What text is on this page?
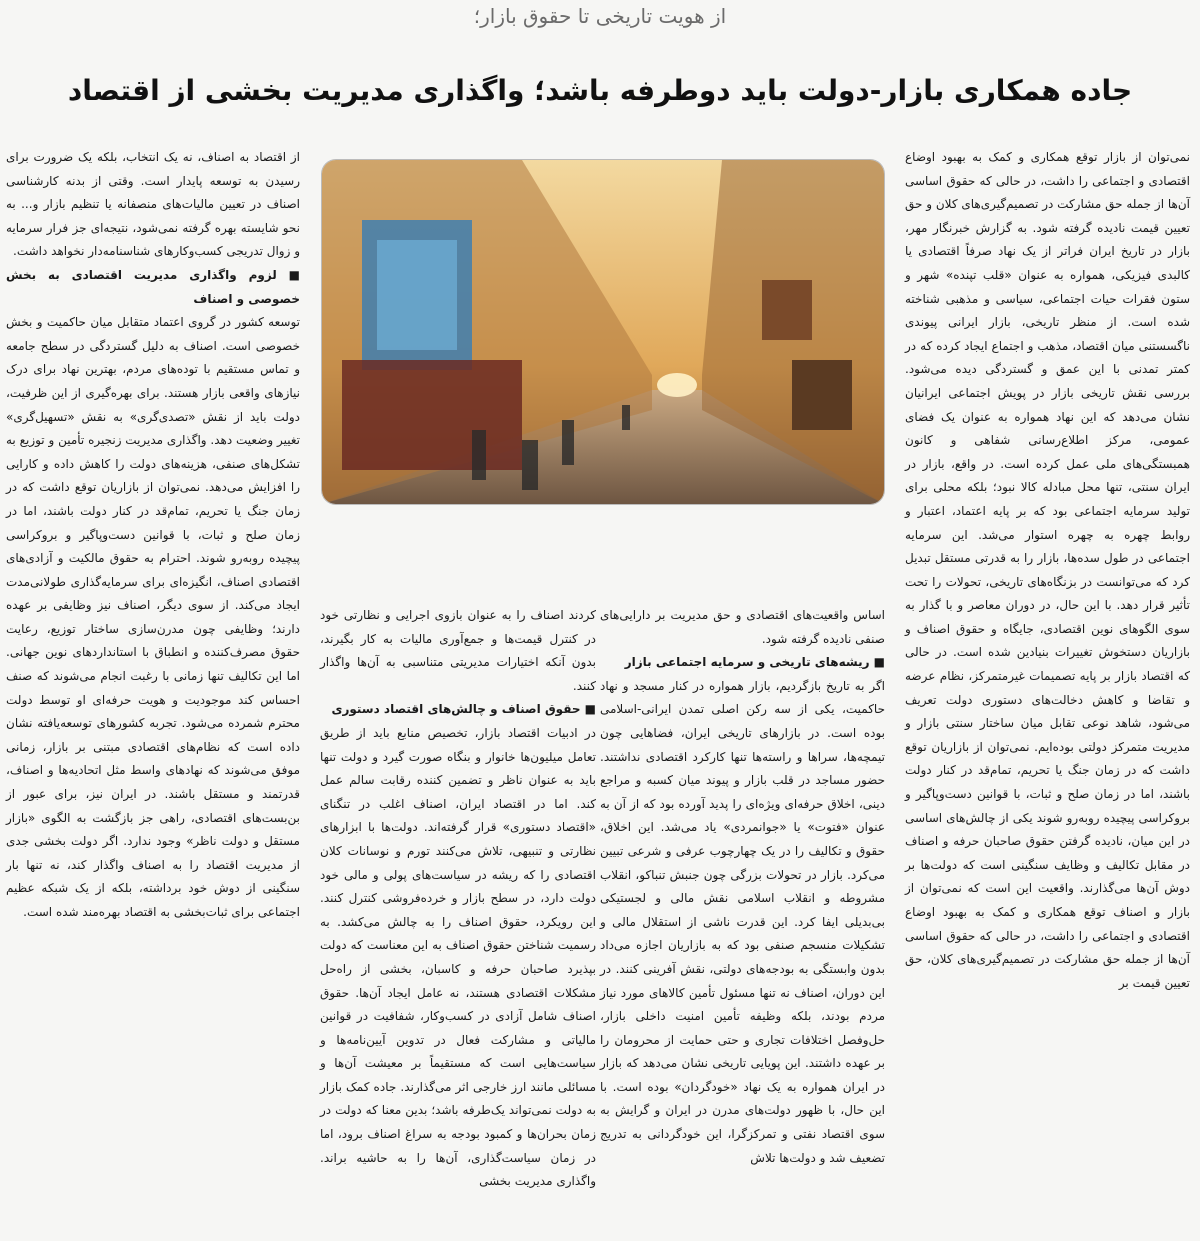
از هویت تاریخی تا حقوق بازار؛
جاده همکاری بازار-دولت باید دوطرفه باشد؛ واگذاری مدیریت بخشی از اقتصاد

نمی‌توان از بازار توقع همکاری و کمک به بهبود اوضاع اقتصادی و اجتماعی را داشت، در حالی که حقوق اساسی آن‌ها از جمله حق مشارکت در تصمیم‌گیری‌های کلان و حق تعیین قیمت نادیده گرفته شود. به گزارش خبرنگار مهر، بازار در تاریخ ایران فراتر از یک نهاد صرفاً اقتصادی یا کالبدی فیزیکی، همواره به عنوان «قلب تپنده» شهر و ستون فقرات حیات اجتماعی، سیاسی و مذهبی شناخته شده است. از منظر تاریخی، بازار ایرانی پیوندی ناگسستنی میان اقتصاد، مذهب و اجتماع ایجاد کرده که در کمتر تمدنی با این عمق و گستردگی دیده می‌شود. بررسی نقش تاریخی بازار در پویش اجتماعی ایرانیان نشان می‌دهد که این نهاد همواره به عنوان یک فضای عمومی، مرکز اطلاع‌رسانی شفاهی و کانون همبستگی‌های ملی عمل کرده است. در واقع، بازار در ایران سنتی، تنها محل مبادله کالا نبود؛ بلکه محلی برای تولید سرمایه اجتماعی بود که بر پایه اعتماد، اعتبار و روابط چهره به چهره استوار می‌شد. این سرمایه اجتماعی در طول سده‌ها، بازار را به قدرتی مستقل تبدیل کرد که می‌توانست در بزنگاه‌های تاریخی، تحولات را تحت تأثیر قرار دهد. با این حال، در دوران معاصر و با گذار به سوی الگوهای نوین اقتصادی، جایگاه و حقوق اصناف و بازاریان دستخوش تغییرات بنیادین شده است. در حالی که اقتصاد بازار بر پایه تصمیمات غیرمتمرکز، نظام عرضه و تقاضا و کاهش دخالت‌های دستوری دولت تعریف می‌شود، شاهد نوعی تقابل میان ساختار سنتی بازار و مدیریت متمرکز دولتی بوده‌ایم. نمی‌توان از بازاریان توقع داشت که در زمان جنگ یا تحریم، تمام‌قد در کنار دولت باشند، اما در زمان صلح و ثبات، با قوانین دست‌وپاگیر و بروکراسی پیچیده روبه‌رو شوند یکی از چالش‌های اساسی در این میان، نادیده گرفتن حقوق صاحبان حرفه و اصناف در مقابل تکالیف و وظایف سنگینی است که دولت‌ها بر دوش آن‌ها می‌گذارند. واقعیت این است که نمی‌توان از بازار و اصناف توقع همکاری و کمک به بهبود اوضاع اقتصادی و اجتماعی را داشت، در حالی که حقوق اساسی آن‌ها از جمله حق مشارکت در تصمیم‌گیری‌های کلان، حق تعیین قیمت بر

اساس واقعیت‌های اقتصادی و حق مدیریت بر دارایی‌های صنفی نادیده گرفته شود.

■ ریشه‌های تاریخی و سرمایه اجتماعی بازار

اگر به تاریخ بازگردیم، بازار همواره در کنار مسجد و نهاد حاکمیت، یکی از سه رکن اصلی تمدن ایرانی-اسلامی بوده است. در بازارهای تاریخی ایران، فضاهایی چون تیمچه‌ها، سراها و راسته‌ها تنها کارکرد اقتصادی نداشتند. حضور مساجد در قلب بازار و پیوند میان کسبه و مراجع دینی، اخلاق حرفه‌ای ویژه‌ای را پدید آورده بود که از آن به عنوان «فتوت» یا «جوانمردی» یاد می‌شد. این اخلاق، حقوق و تکالیف را در یک چهارچوب عرفی و شرعی تبیین می‌کرد. بازار در تحولات بزرگی چون جنبش تنباکو، انقلاب مشروطه و انقلاب اسلامی نقش مالی و لجستیکی بی‌بدیلی ایفا کرد. این قدرت ناشی از استقلال مالی و تشکیلات منسجم صنفی بود که به بازاریان اجازه می‌داد بدون وابستگی به بودجه‌های دولتی، نقش آفرینی کنند. در این دوران، اصناف نه تنها مسئول تأمین کالاهای مورد نیاز مردم بودند، بلکه وظیفه تأمین امنیت داخلی بازار، حل‌وفصل اختلافات تجاری و حتی حمایت از محرومان را بر عهده داشتند. این پویایی تاریخی نشان می‌دهد که بازار در ایران همواره به یک نهاد «خودگردان» بوده است. با این حال، با ظهور دولت‌های مدرن در ایران و گرایش به سوی اقتصاد نفتی و تمرکزگرا، این خودگردانی به تدریج تضعیف شد و دولت‌ها تلاش

کردند اصناف را به عنوان بازوی اجرایی و نظارتی خود در کنترل قیمت‌ها و جمع‌آوری مالیات به کار بگیرند، بدون آنکه اختیارات مدیریتی متناسبی به آن‌ها واگذار کنند.

■ حقوق اصناف و چالش‌های اقتصاد دستوری

در ادبیات اقتصاد بازار، تخصیص منابع باید از طریق تعامل میلیون‌ها خانوار و بنگاه صورت گیرد و دولت تنها باید به عنوان ناظر و تضمین کننده رقابت سالم عمل کند. اما در اقتصاد ایران، اصناف اغلب در تنگنای «اقتصاد دستوری» قرار گرفته‌اند. دولت‌ها با ابزارهای نظارتی و تنبیهی، تلاش می‌کنند تورم و نوسانات کلان اقتصادی را که ریشه در سیاست‌های پولی و مالی خود دولت دارد، در سطح بازار و خرده‌فروشی کنترل کنند. این رویکرد، حقوق اصناف را به چالش می‌کشد. به رسمیت شناختن حقوق اصناف به این معناست که دولت بپذیرد صاحبان حرفه و کاسبان، بخشی از راه‌حل مشکلات اقتصادی هستند، نه عامل ایجاد آن‌ها. حقوق اصناف شامل آزادی در کسب‌وکار، شفافیت در قوانین مالیاتی و مشارکت فعال در تدوین آیین‌نامه‌ها و سیاست‌هایی است که مستقیماً بر معیشت آن‌ها و مسائلی مانند ارز خارجی اثر می‌گذارند. جاده کمک بازار به دولت نمی‌تواند یک‌طرفه باشد؛ بدین معنا که دولت در زمان بحران‌ها و کمبود بودجه به سراغ اصناف برود، اما در زمان سیاست‌گذاری، آن‌ها را به حاشیه براند. واگذاری مدیریت بخشی

از اقتصاد به اصناف، نه یک انتخاب، بلکه یک ضرورت برای رسیدن به توسعه پایدار است. وقتی از بدنه کارشناسی اصناف در تعیین مالیات‌های منصفانه یا تنظیم بازار و... به نحو شایسته بهره گرفته نمی‌شود، نتیجه‌ای جز فرار سرمایه و زوال تدریجی کسب‌وکارهای شناسنامه‌دار نخواهد داشت.

■ لزوم واگذاری مدیریت اقتصادی به بخش خصوصی و اصناف

توسعه کشور در گروی اعتماد متقابل میان حاکمیت و بخش خصوصی است. اصناف به دلیل گستردگی در سطح جامعه و تماس مستقیم با توده‌های مردم، بهترین نهاد برای درک نیازهای واقعی بازار هستند. برای بهره‌گیری از این ظرفیت، دولت باید از نقش «تصدی‌گری» به نقش «تسهیل‌گری» تغییر وضعیت دهد. واگذاری مدیریت زنجیره تأمین و توزیع به تشکل‌های صنفی، هزینه‌های دولت را کاهش داده و کارایی را افزایش می‌دهد. نمی‌توان از بازاریان توقع داشت که در زمان جنگ یا تحریم، تمام‌قد در کنار دولت باشند، اما در زمان صلح و ثبات، با قوانین دست‌وپاگیر و بروکراسی پیچیده روبه‌رو شوند. احترام به حقوق مالکیت و آزادی‌های اقتصادی اصناف، انگیزه‌ای برای سرمایه‌گذاری طولانی‌مدت ایجاد می‌کند. از سوی دیگر، اصناف نیز وظایفی بر عهده دارند؛ وظایفی چون مدرن‌سازی ساختار توزیع، رعایت حقوق مصرف‌کننده و انطباق با استانداردهای نوین جهانی. اما این تکالیف تنها زمانی با رغبت انجام می‌شوند که صنف احساس کند موجودیت و هویت حرفه‌ای او توسط دولت محترم شمرده می‌شود. تجربه کشورهای توسعه‌یافته نشان داده است که نظام‌های اقتصادی مبتنی بر بازار، زمانی موفق می‌شوند که نهادهای واسط مثل اتحادیه‌ها و اصناف، قدرتمند و مستقل باشند. در ایران نیز، برای عبور از بن‌بست‌های اقتصادی، راهی جز بازگشت به الگوی «بازار مستقل و دولت ناظر» وجود ندارد. اگر دولت بخشی جدی از مدیریت اقتصاد را به اصناف واگذار کند، نه تنها بار سنگینی از دوش خود برداشته، بلکه از یک شبکه عظیم اجتماعی برای ثبات‌بخشی به اقتصاد بهره‌مند شده است.
